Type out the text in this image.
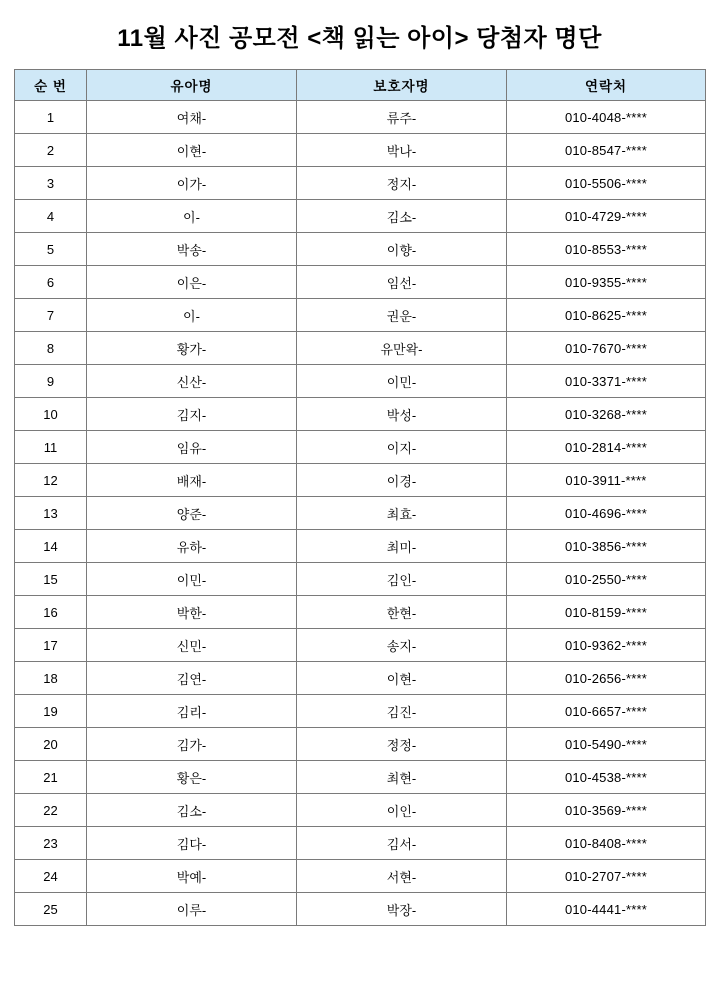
11월 사진 공모전 <책 읽는 아이> 당첨자 명단
순 번	유아명	보호자명	연락처
1	여채-	류주-	010-4048-****
2	이현-	박나-	010-8547-****
3	이가-	정지-	010-5506-****
4	이-	김소-	010-4729-****
5	박송-	이향-	010-8553-****
6	이은-	임선-	010-9355-****
7	이-	권운-	010-8625-****
8	황가-	유만왁-	010-7670-****
9	신산-	이민-	010-3371-****
10	김지-	박성-	010-3268-****
11	임유-	이지-	010-2814-****
12	배재-	이경-	010-3911-****
13	양준-	최효-	010-4696-****
14	유하-	최미-	010-3856-****
15	이민-	김인-	010-2550-****
16	박한-	한현-	010-8159-****
17	신민-	송지-	010-9362-****
18	김연-	이현-	010-2656-****
19	김리-	김진-	010-6657-****
20	김가-	정정-	010-5490-****
21	황은-	최현-	010-4538-****
22	김소-	이인-	010-3569-****
23	김다-	김서-	010-8408-****
24	박예-	서현-	010-2707-****
25	이루-	박장-	010-4441-****
